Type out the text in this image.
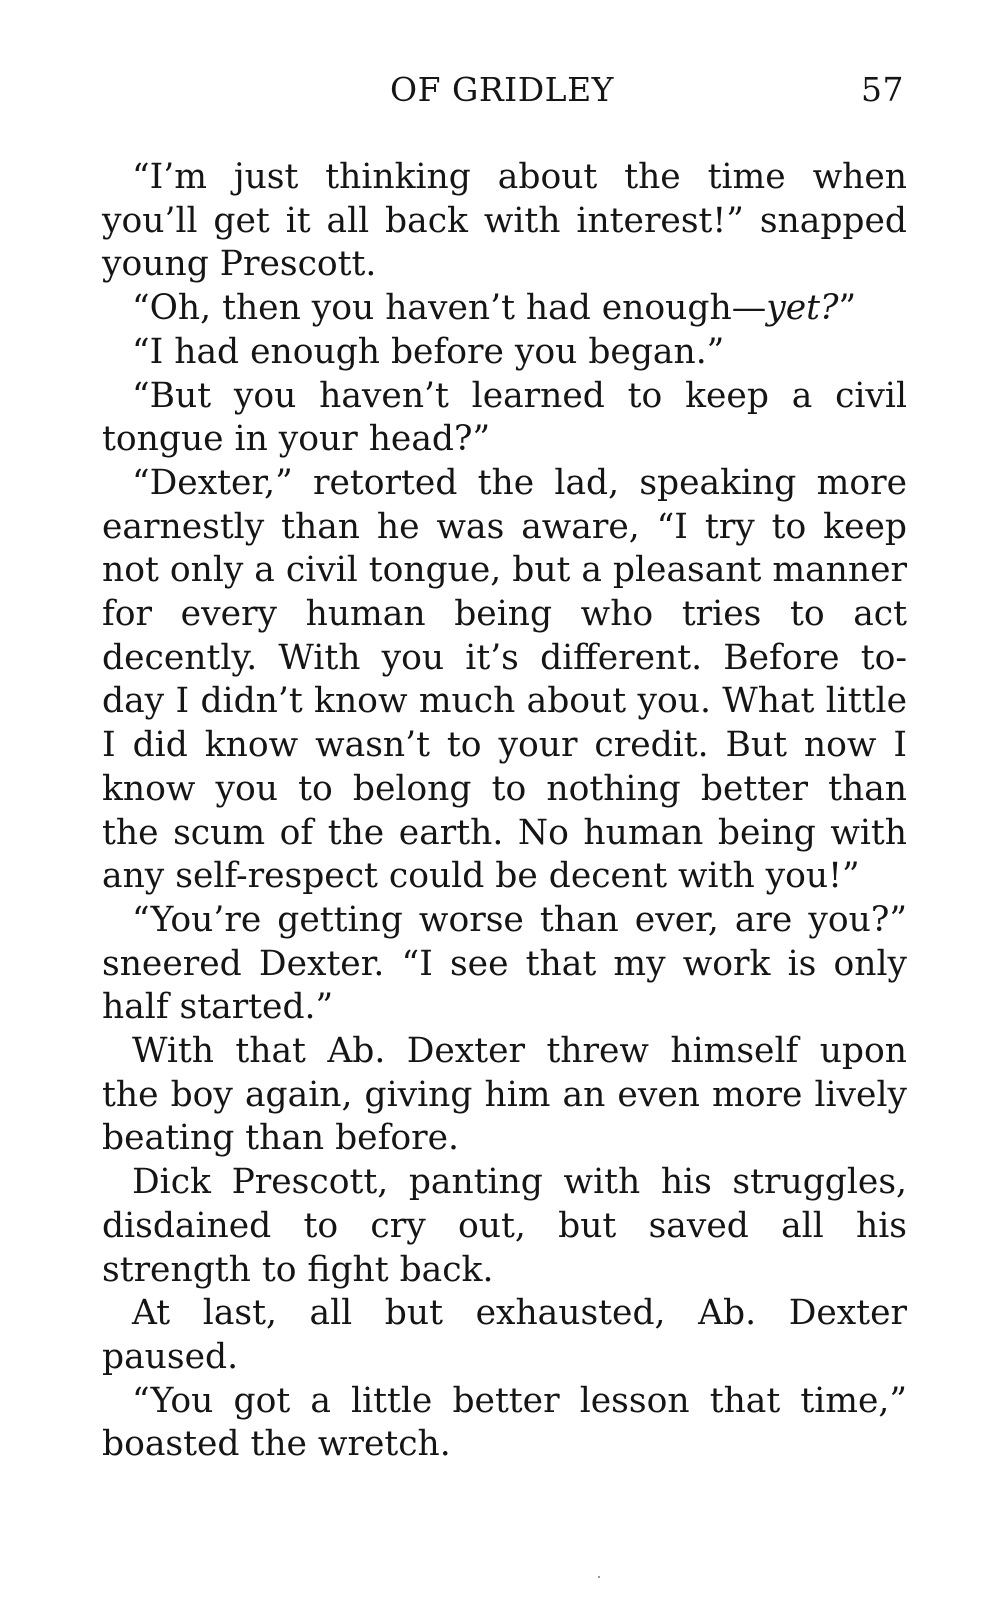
OF GRIDLEY	57

“I’m just thinking about the time when you’ll get it all back with interest!” snapped young Prescott.

“Oh, then you haven’t had enough—yet?”

“I had enough before you began.”

“But you haven’t learned to keep a civil tongue in your head?”

“Dexter,” retorted the lad, speaking more earnestly than he was aware, “I try to keep not only a civil tongue, but a pleasant manner for every human being who tries to act decently. With you it’s different. Before to-day I didn’t know much about you. What little I did know wasn’t to your credit. But now I know you to belong to nothing better than the scum of the earth. No human being with any self-respect could be decent with you!”

“You’re getting worse than ever, are you?” sneered Dexter. “I see that my work is only half started.”

With that Ab. Dexter threw himself upon the boy again, giving him an even more lively beating than before.

Dick Prescott, panting with his struggles, disdained to cry out, but saved all his strength to fight back.

At last, all but exhausted, Ab. Dexter paused.

“You got a little better lesson that time,” boasted the wretch.
